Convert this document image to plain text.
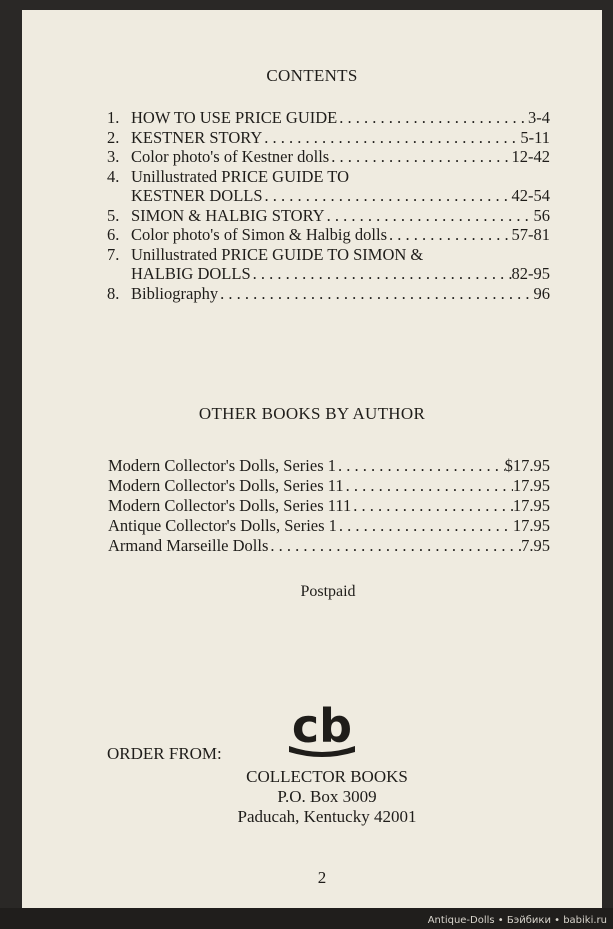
CONTENTS
1. HOW TO USE PRICE GUIDE . . .	3-4
2. KESTNER STORY . . .	5-11
3. Color photo's of Kestner dolls . . .	12-42
4. Unillustrated PRICE GUIDE TO
KESTNER DOLLS . . .	42-54
5. SIMON & HALBIG STORY . . .	56
6. Color photo's of Simon & Halbig dolls . . .	57-81
7. Unillustrated PRICE GUIDE TO SIMON &
HALBIG DOLLS . . .	82-95
8. Bibliography . . .	96
OTHER BOOKS BY AUTHOR
Modern Collector's Dolls, Series 1 . . .	$17.95
Modern Collector's Dolls, Series 11 . . .	17.95
Modern Collector's Dolls, Series 111 . . .	17.95
Antique Collector's Dolls, Series 1 . . .	17.95
Armand Marseille Dolls . . .	7.95
Postpaid
ORDER FROM:
cb
COLLECTOR BOOKS
P.O. Box 3009
Paducah, Kentucky 42001
2
Antique-Dolls • Бэйбики • babiki.ru
